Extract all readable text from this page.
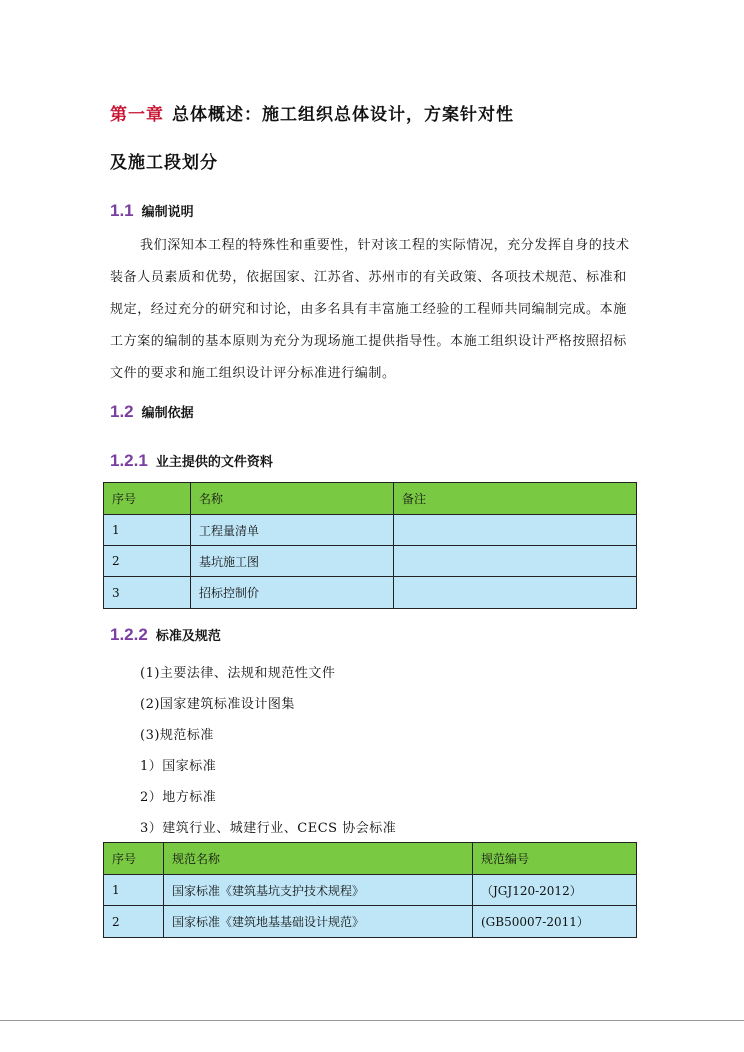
第一章 总体概述：施工组织总体设计，方案针对性
及施工段划分
1.1 编制说明
我们深知本工程的特殊性和重要性，针对该工程的实际情况，充分发挥自身的技术装备人员素质和优势，依据国家、江苏省、苏州市的有关政策、各项技术规范、标准和规定，经过充分的研究和讨论，由多名具有丰富施工经验的工程师共同编制完成。本施工方案的编制的基本原则为充分为现场施工提供指导性。本施工组织设计严格按照招标文件的要求和施工组织设计评分标准进行编制。
1.2 编制依据
1.2.1 业主提供的文件资料
序号	名称	备注
1	工程量清单	
2	基坑施工图	
3	招标控制价	
1.2.2 标准及规范
(1)主要法律、法规和规范性文件
(2)国家建筑标准设计图集
(3)规范标准
1）国家标准
2）地方标准
3）建筑行业、城建行业、CECS 协会标准
序号	规范名称	规范编号
1	国家标准《建筑基坑支护技术规程》	（JGJ120-2012）
2	国家标准《建筑地基基础设计规范》	(GB50007-2011）
